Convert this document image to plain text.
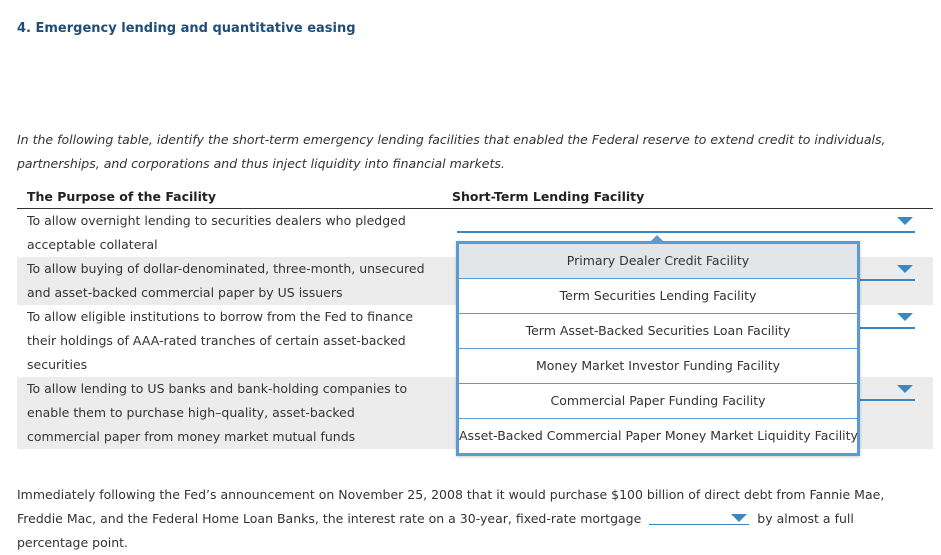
4. Emergency lending and quantitative easing
In the following table, identify the short-term emergency lending facilities that enabled the Federal reserve to extend credit to individuals, partnerships, and corporations and thus inject liquidity into financial markets.
The Purpose of the Facility	Short-Term Lending Facility
To allow overnight lending to securities dealers who pledged acceptable collateral
To allow buying of dollar-denominated, three-month, unsecured and asset-backed commercial paper by US issuers
To allow eligible institutions to borrow from the Fed to finance their holdings of AAA-rated tranches of certain asset-backed securities
To allow lending to US banks and bank-holding companies to enable them to purchase high–quality, asset-backed commercial paper from money market mutual funds
Primary Dealer Credit Facility
Term Securities Lending Facility
Term Asset-Backed Securities Loan Facility
Money Market Investor Funding Facility
Commercial Paper Funding Facility
Asset-Backed Commercial Paper Money Market Liquidity Facility
Immediately following the Fed’s announcement on November 25, 2008 that it would purchase $100 billion of direct debt from Fannie Mae, Freddie Mac, and the Federal Home Loan Banks, the interest rate on a 30-year, fixed-rate mortgage	by almost a full percentage point.
